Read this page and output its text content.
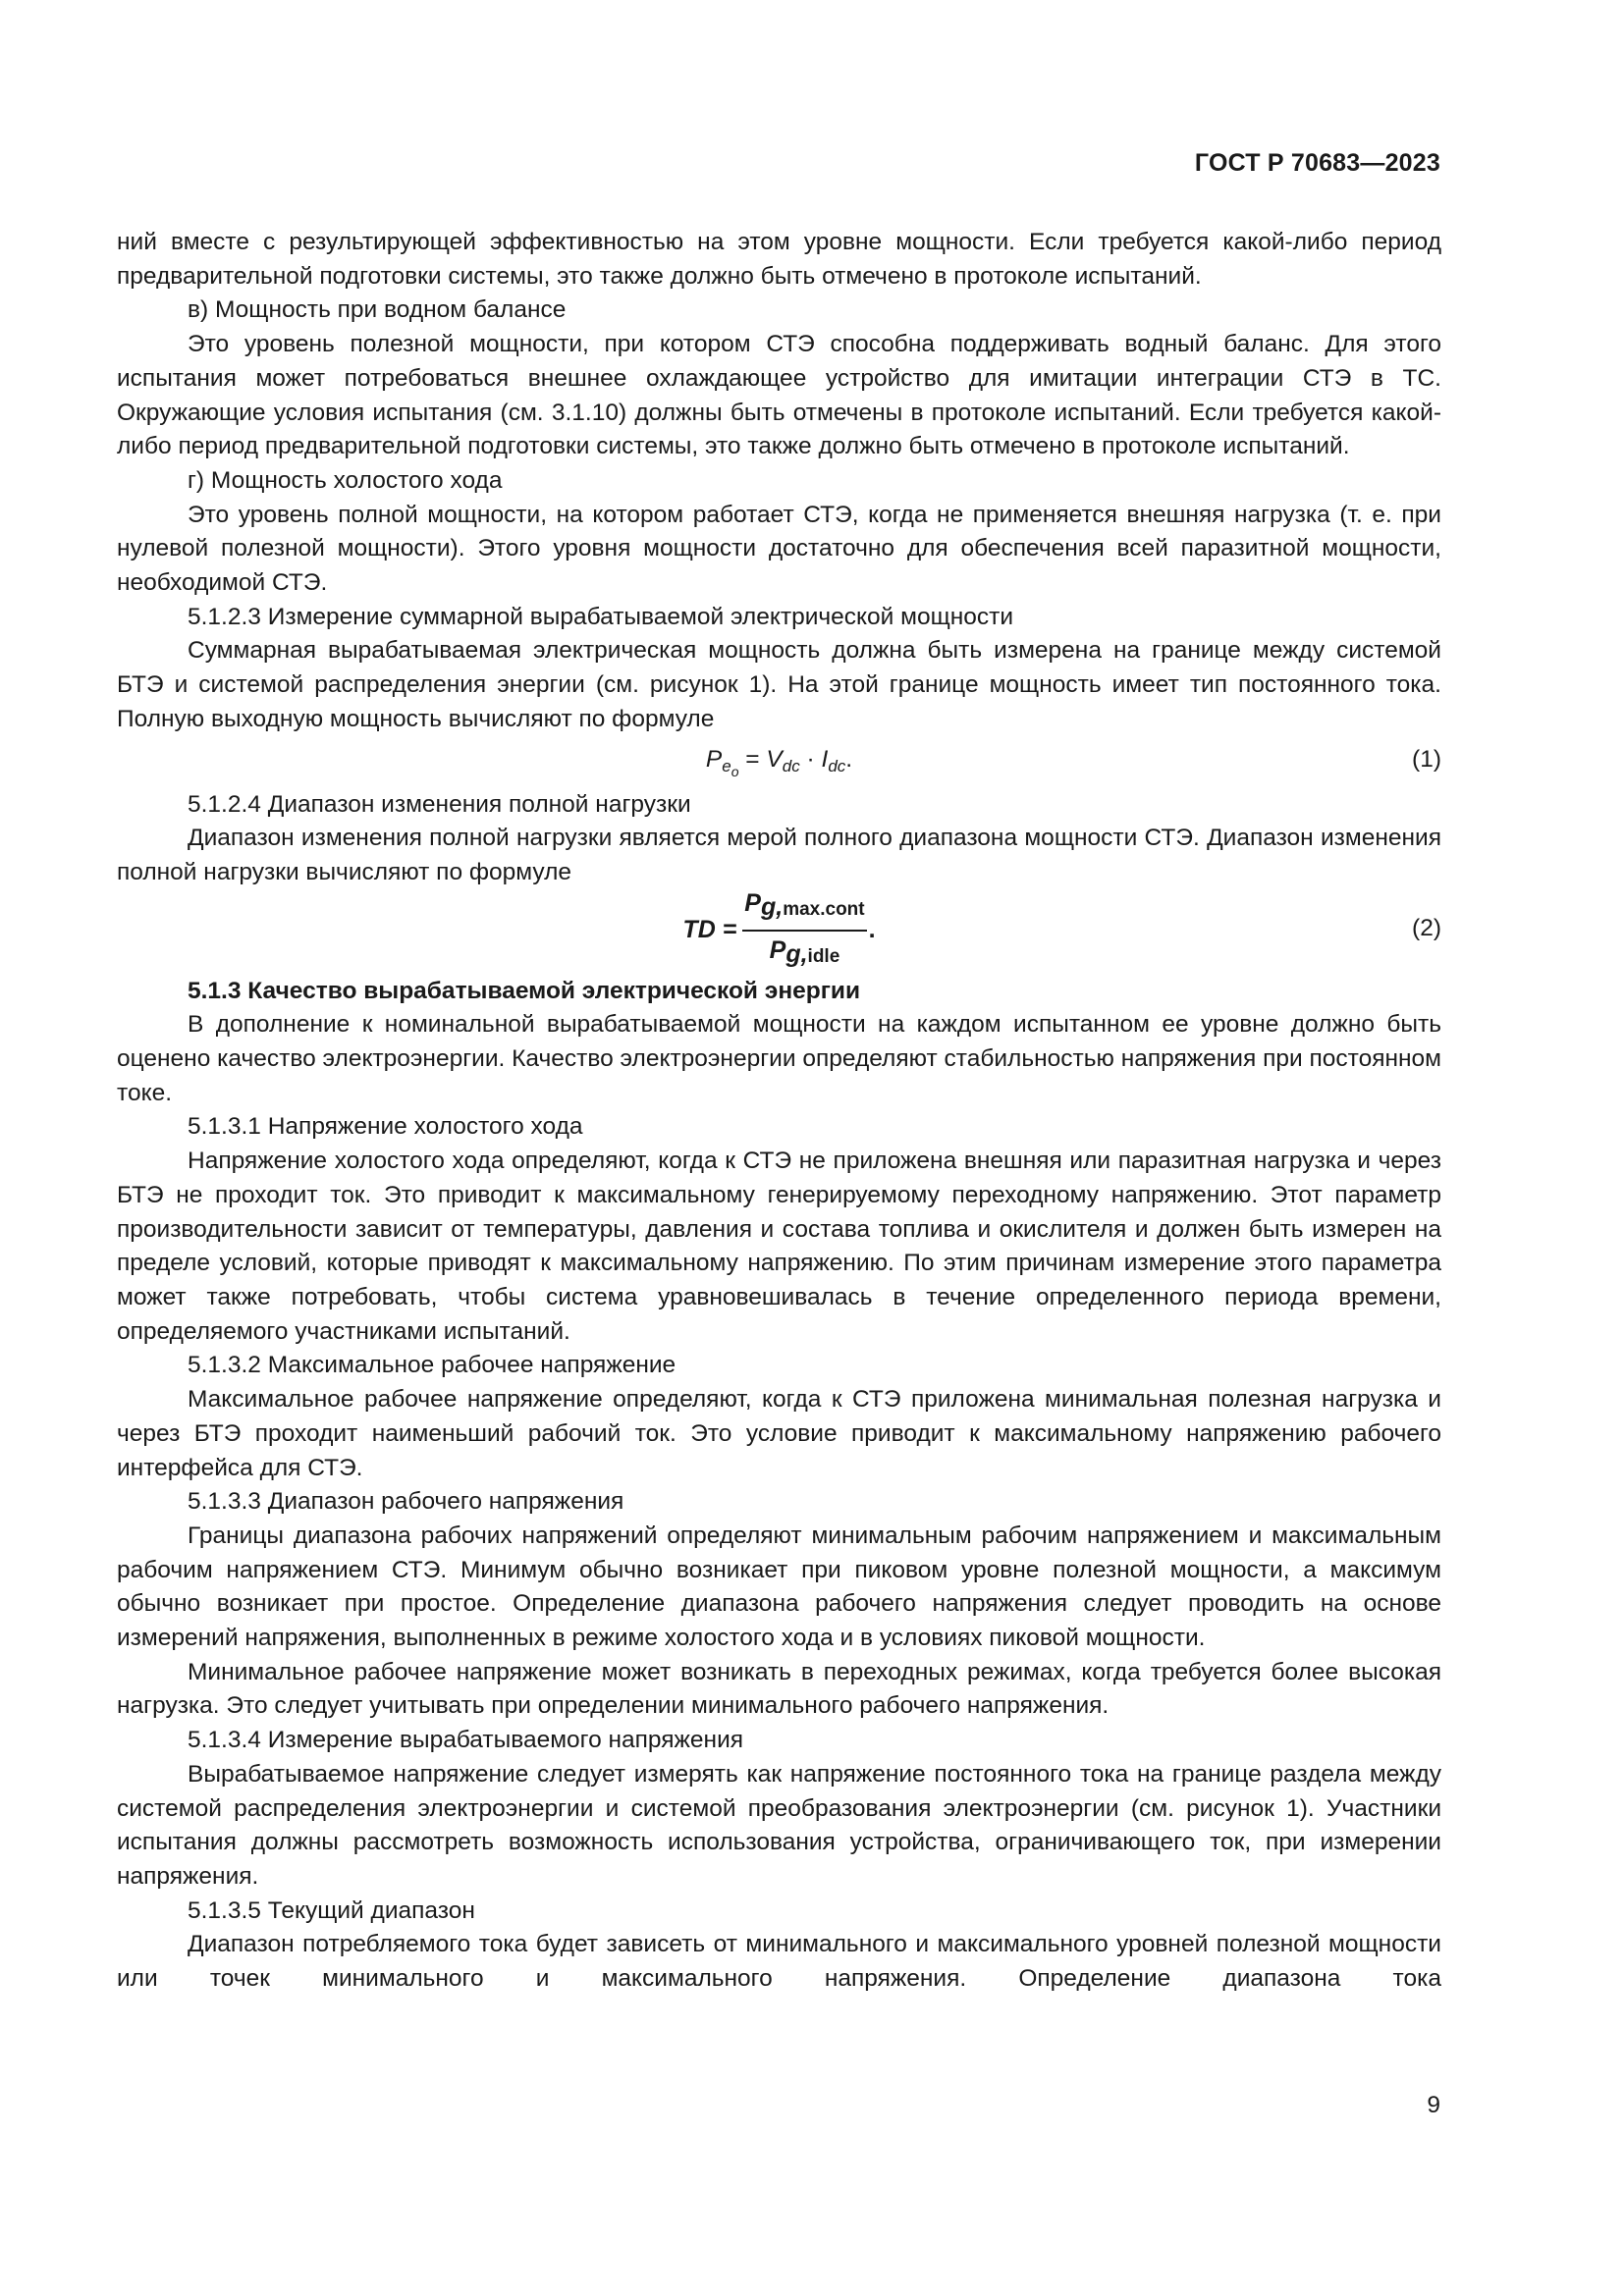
ГОСТ Р 70683—2023

ний вместе с результирующей эффективностью на этом уровне мощности. Если требуется какой-либо период предварительной подготовки системы, это также должно быть отмечено в протоколе испытаний.

в) Мощность при водном балансе

Это уровень полезной мощности, при котором СТЭ способна поддерживать водный баланс. Для этого испытания может потребоваться внешнее охлаждающее устройство для имитации интеграции СТЭ в ТС. Окружающие условия испытания (см. 3.1.10) должны быть отмечены в протоколе испытаний. Если требуется какой-либо период предварительной подготовки системы, это также должно быть отмечено в протоколе испытаний.

г) Мощность холостого хода

Это уровень полной мощности, на котором работает СТЭ, когда не применяется внешняя нагрузка (т. е. при нулевой полезной мощности). Этого уровня мощности достаточно для обеспечения всей паразитной мощности, необходимой СТЭ.

5.1.2.3 Измерение суммарной вырабатываемой электрической мощности

Суммарная вырабатываемая электрическая мощность должна быть измерена на границе между системой БТЭ и системой распределения энергии (см. рисунок 1). На этой границе мощность имеет тип постоянного тока. Полную выходную мощность вычисляют по формуле

$P_{e_o} = V_{dc} \cdot I_{dc}$.	(1)

5.1.2.4 Диапазон изменения полной нагрузки

Диапазон изменения полной нагрузки является мерой полного диапазона мощности СТЭ. Диапазон изменения полной нагрузки вычисляют по формуле

TD = $\frac{P_{g,max.cont}}{P_{g,idle}}$ .	(2)

5.1.3 Качество вырабатываемой электрической энергии

В дополнение к номинальной вырабатываемой мощности на каждом испытанном ее уровне должно быть оценено качество электроэнергии. Качество электроэнергии определяют стабильностью напряжения при постоянном токе.

5.1.3.1 Напряжение холостого хода

Напряжение холостого хода определяют, когда к СТЭ не приложена внешняя или паразитная нагрузка и через БТЭ не проходит ток. Это приводит к максимальному генерируемому переходному напряжению. Этот параметр производительности зависит от температуры, давления и состава топлива и окислителя и должен быть измерен на пределе условий, которые приводят к максимальному напряжению. По этим причинам измерение этого параметра может также потребовать, чтобы система уравновешивалась в течение определенного периода времени, определяемого участниками испытаний.

5.1.3.2 Максимальное рабочее напряжение

Максимальное рабочее напряжение определяют, когда к СТЭ приложена минимальная полезная нагрузка и через БТЭ проходит наименьший рабочий ток. Это условие приводит к максимальному напряжению рабочего интерфейса для СТЭ.

5.1.3.3 Диапазон рабочего напряжения

Границы диапазона рабочих напряжений определяют минимальным рабочим напряжением и максимальным рабочим напряжением СТЭ. Минимум обычно возникает при пиковом уровне полезной мощности, а максимум обычно возникает при простое. Определение диапазона рабочего напряжения следует проводить на основе измерений напряжения, выполненных в режиме холостого хода и в условиях пиковой мощности.

Минимальное рабочее напряжение может возникать в переходных режимах, когда требуется более высокая нагрузка. Это следует учитывать при определении минимального рабочего напряжения.

5.1.3.4 Измерение вырабатываемого напряжения

Вырабатываемое напряжение следует измерять как напряжение постоянного тока на границе раздела между системой распределения электроэнергии и системой преобразования электроэнергии (см. рисунок 1). Участники испытания должны рассмотреть возможность использования устройства, ограничивающего ток, при измерении напряжения.

5.1.3.5 Текущий диапазон

Диапазон потребляемого тока будет зависеть от минимального и максимального уровней полезной мощности или точек минимального и максимального напряжения. Определение диапазона тока

9
